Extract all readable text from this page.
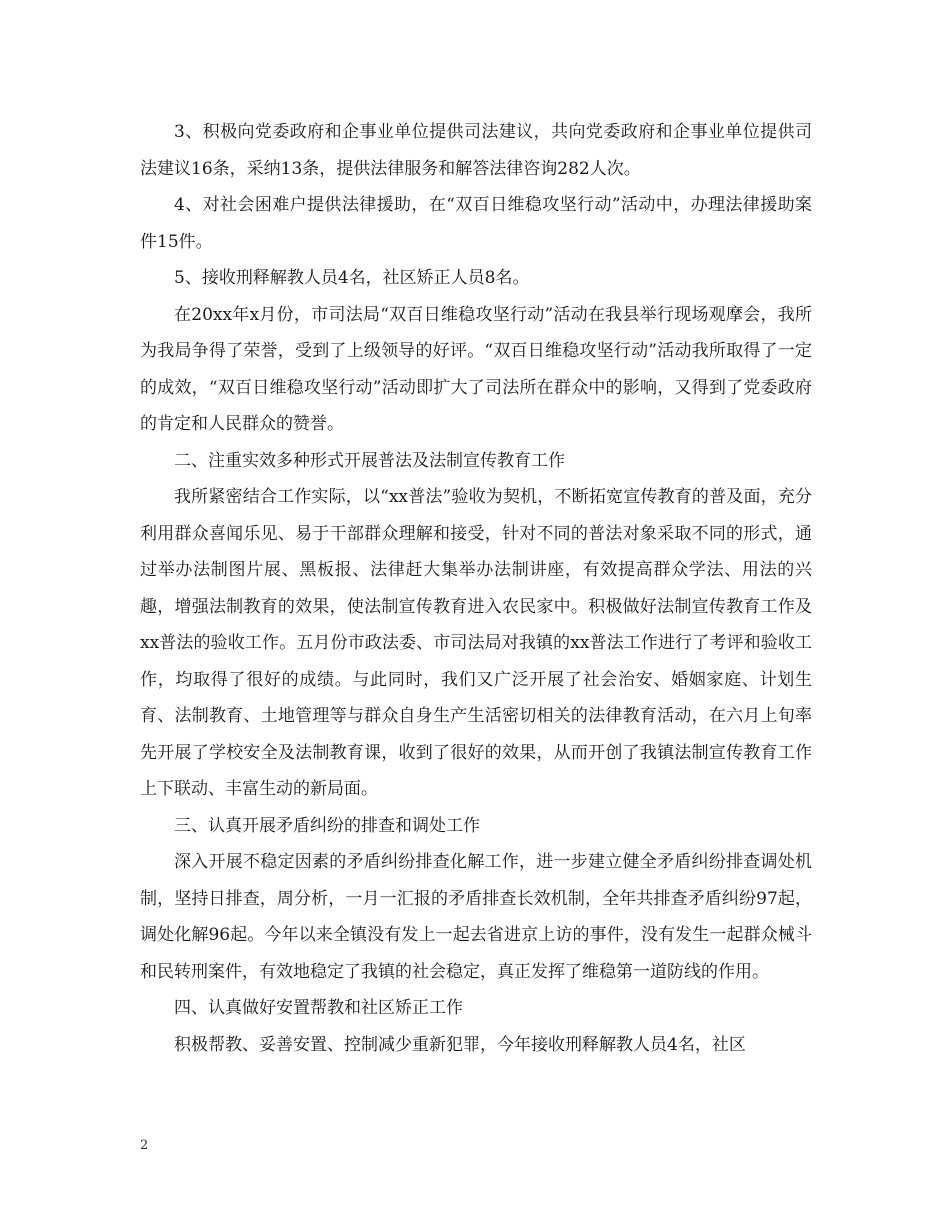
3、积极向党委政府和企事业单位提供司法建议，共向党委政府和企事业单位提供司法建议16条，采纳13条，提供法律服务和解答法律咨询282人次。

4、对社会困难户提供法律援助，在“双百日维稳攻坚行动”活动中，办理法律援助案件15件。

5、接收刑释解教人员4名，社区矫正人员8名。

在20xx年x月份，市司法局“双百日维稳攻坚行动”活动在我县举行现场观摩会，我所为我局争得了荣誉，受到了上级领导的好评。“双百日维稳攻坚行动”活动我所取得了一定的成效，“双百日维稳攻坚行动”活动即扩大了司法所在群众中的影响，又得到了党委政府的肯定和人民群众的赞誉。

二、注重实效多种形式开展普法及法制宣传教育工作

我所紧密结合工作实际，以“xx普法”验收为契机，不断拓宽宣传教育的普及面，充分利用群众喜闻乐见、易于干部群众理解和接受，针对不同的普法对象采取不同的形式，通过举办法制图片展、黑板报、法律赶大集举办法制讲座，有效提高群众学法、用法的兴趣，增强法制教育的效果，使法制宣传教育进入农民家中。积极做好法制宣传教育工作及xx普法的验收工作。五月份市政法委、市司法局对我镇的xx普法工作进行了考评和验收工作，均取得了很好的成绩。与此同时，我们又广泛开展了社会治安、婚姻家庭、计划生育、法制教育、土地管理等与群众自身生产生活密切相关的法律教育活动，在六月上旬率先开展了学校安全及法制教育课，收到了很好的效果，从而开创了我镇法制宣传教育工作上下联动、丰富生动的新局面。

三、认真开展矛盾纠纷的排查和调处工作

深入开展不稳定因素的矛盾纠纷排查化解工作，进一步建立健全矛盾纠纷排查调处机制，坚持日排查，周分析，一月一汇报的矛盾排查长效机制，全年共排查矛盾纠纷97起，调处化解96起。今年以来全镇没有发上一起去省进京上访的事件，没有发生一起群众械斗和民转刑案件，有效地稳定了我镇的社会稳定，真正发挥了维稳第一道防线的作用。

四、认真做好安置帮教和社区矫正工作

积极帮教、妥善安置、控制减少重新犯罪，今年接收刑释解教人员4名，社区

2
